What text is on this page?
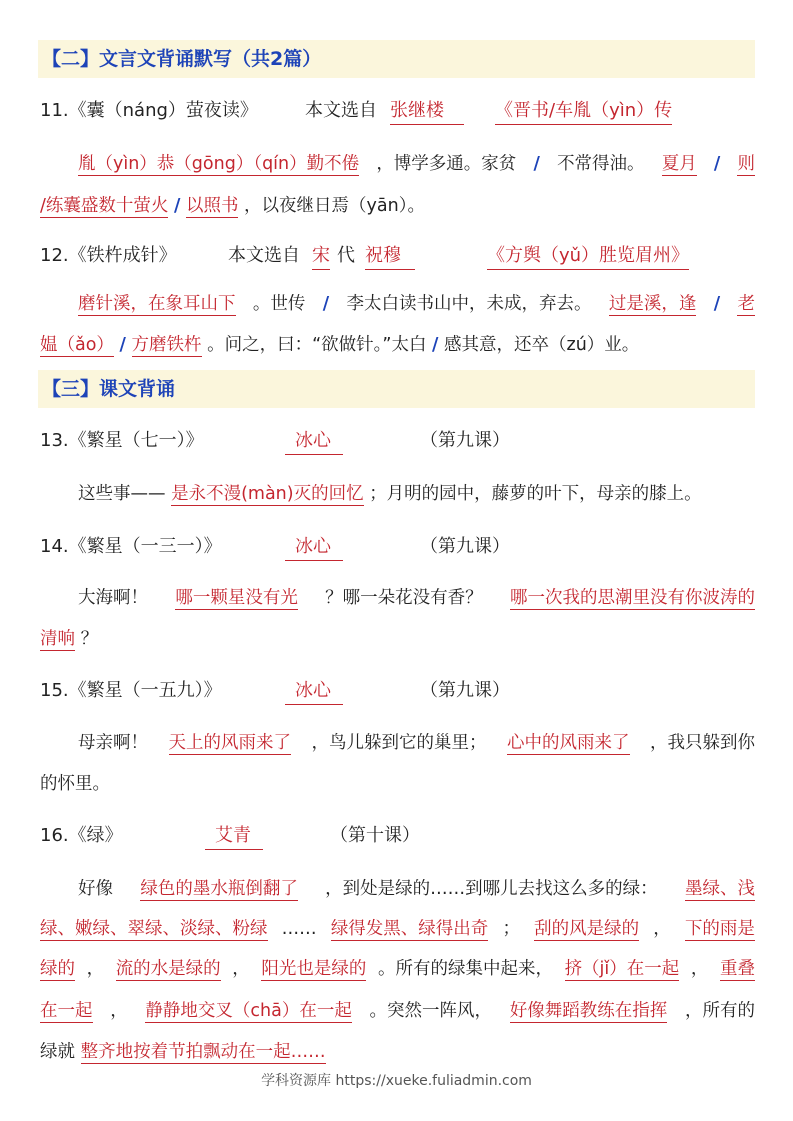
【二】文言文背诵默写（共2篇）
11.《囊（náng）萤夜读》	本文选自 张继楼	《晋书/车胤（yìn）传
胤（yìn）恭（gōng）（qín）勤不倦 ，博学多通。家贫 / 不常得油。 夏月 / 则
/练囊盛数十萤火 / 以照书 ，以夜继日焉（yān）。
12.《铁杵成针》	本文选自 宋 代 祝穆	《方舆（yǔ）胜览眉州》
磨针溪，在象耳山下 。世传 / 李太白读书山中，未成，弃去。 过是溪，逢 / 老
媪（ǎo） / 方磨铁杵 。问之，曰：“欲做针。”太白 / 感其意，还卒（zú）业。
【三】课文背诵
13.《繁星（七一）》	冰心	（第九课）
这些事—— 是永不漫(màn)灭的回忆 ；月明的园中，藤萝的叶下，母亲的膝上。
14.《繁星（一三一）》	冰心	（第九课）
大海啊！ 哪一颗星没有光 ？哪一朵花没有香？ 哪一次我的思潮里没有你波涛的
清响 ？
15.《繁星（一五九）》	冰心	（第九课）
母亲啊！ 天上的风雨来了 ，鸟儿躲到它的巢里； 心中的风雨来了 ，我只躲到你
的怀里。
16.《绿》	艾青	（第十课）
好像 绿色的墨水瓶倒翻了 ，到处是绿的……到哪儿去找这么多的绿： 墨绿、浅
绿、嫩绿、翠绿、淡绿、粉绿 …… 绿得发黑、绿得出奇 ； 刮的风是绿的 ， 下的雨是
绿的 ， 流的水是绿的 ， 阳光也是绿的 。所有的绿集中起来， 挤（jǐ）在一起 ， 重叠
在一起 ， 静静地交叉（chā）在一起 。突然一阵风， 好像舞蹈教练在指挥 ，所有的
绿就 整齐地按着节拍飘动在一起……
学科资源库 https://xueke.fuliadmin.com
